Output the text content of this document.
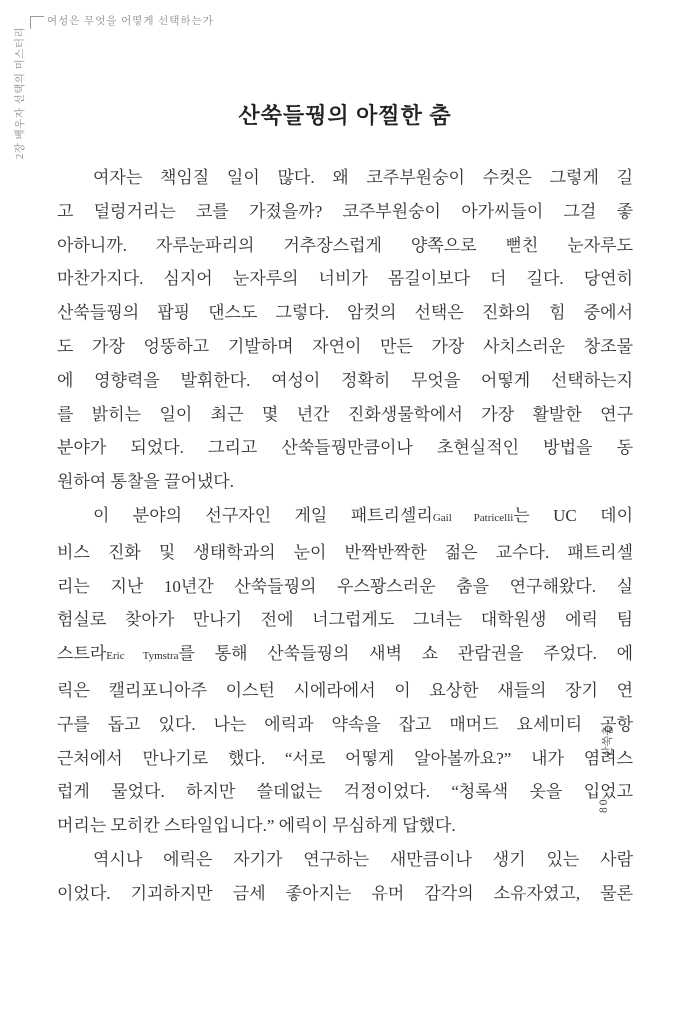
여성은 무엇을 어떻게 선택하는가
2장 배우자 선택의 미스터리	산쑥들꿩의 아찔한 춤
여자는 책임질 일이 많다. 왜 코주부원숭이 수컷은 그렇게 길
고 덜렁거리는 코를 가졌을까? 코주부원숭이 아가씨들이 그걸 좋
아하니까. 자루눈파리의 거추장스럽게 양쪽으로 뻗친 눈자루도
마찬가지다. 심지어 눈자루의 너비가 몸길이보다 더 길다. 당연히
산쑥들꿩의 팝핑 댄스도 그렇다. 암컷의 선택은 진화의 힘 중에서
도 가장 엉뚱하고 기발하며 자연이 만든 가장 사치스러운 창조물
에 영향력을 발휘한다. 여성이 정확히 무엇을 어떻게 선택하는지
를 밝히는 일이 최근 몇 년간 진화생물학에서 가장 활발한 연구
분야가 되었다. 그리고 산쑥들꿩만큼이나 초현실적인 방법을 동
원하여 통찰을 끌어냈다.
이 분야의 선구자인 게일 패트리셀리Gail Patricelli는 UC 데이
비스 진화 및 생태학과의 눈이 반짝반짝한 젊은 교수다. 패트리셀
리는 지난 10년간 산쑥들꿩의 우스꽝스러운 춤을 연구해왔다. 실
험실로 찾아가 만나기 전에 너그럽게도 그녀는 대학원생 에릭 팀
스트라Eric Tymstra를 통해 산쑥들꿩의 새벽 쇼 관람권을 주었다. 에
릭은 캘리포니아주 이스턴 시에라에서 이 요상한 새들의 장기 연
구를 돕고 있다. 나는 에릭과 약속을 잡고 매머드 요세미티 공항
근처에서 만나기로 했다. “서로 어떻게 알아볼까요?” 내가 염려스
럽게 물었다. 하지만 쓸데없는 걱정이었다. “청록색 옷을 입었고
머리는 모히칸 스타일입니다.” 에릭이 무심하게 답했다.
역시나 에릭은 자기가 연구하는 새만큼이나 생기 있는 사람
이었다. 기괴하지만 금세 좋아지는 유머 감각의 소유자였고, 물론
산쑥춤
80
